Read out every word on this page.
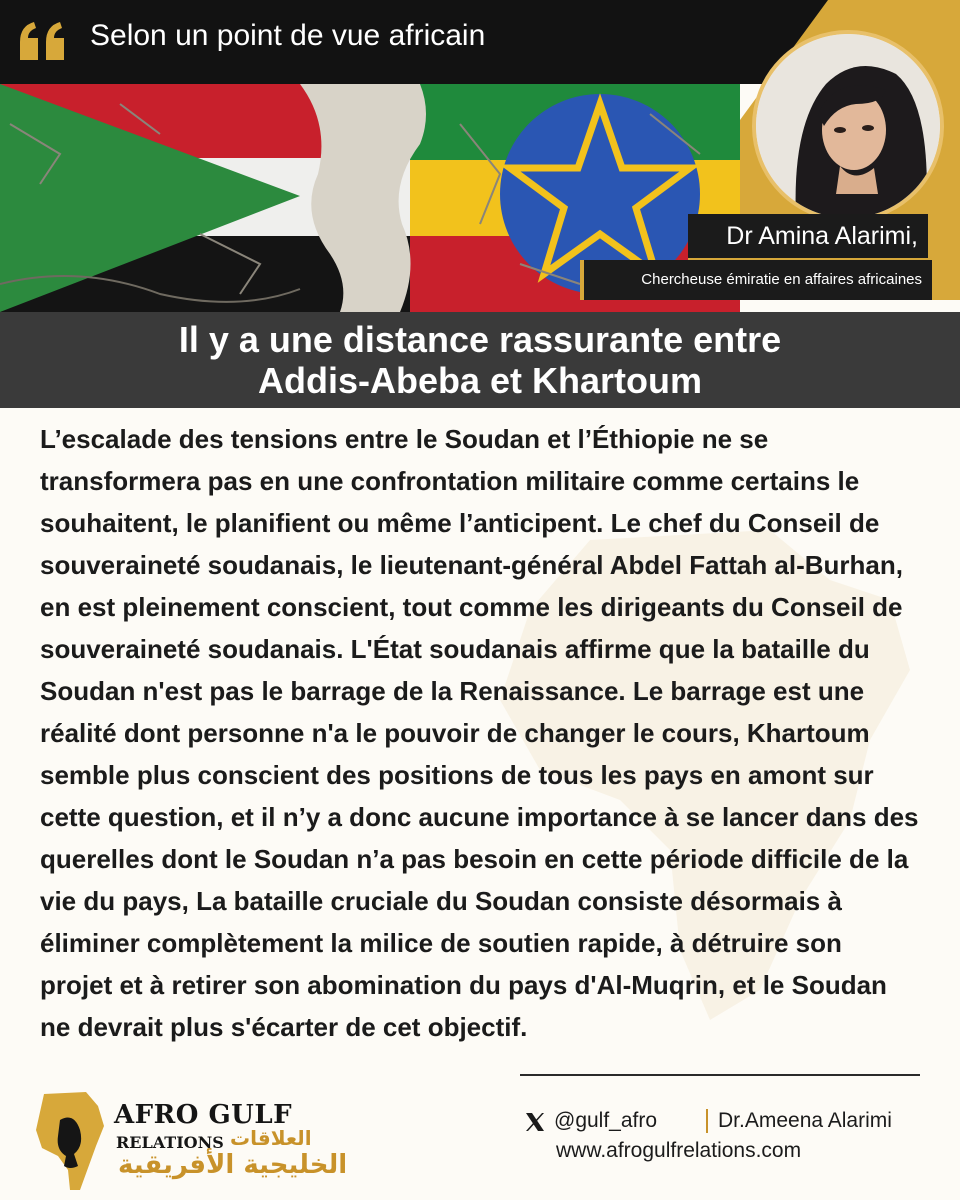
Selon un point de vue africain
Dr Amina Alarimi,
Chercheuse émiratie en affaires africaines
Il y a une distance rassurante entre
Addis-Abeba et Khartoum

L’escalade des tensions entre le Soudan et l’Éthiopie ne se transformera pas en une confrontation militaire comme certains le souhaitent, le planifient ou même l’anticipent. Le chef du Conseil de souveraineté soudanais, le lieutenant-général Abdel Fattah al-Burhan, en est pleinement conscient, tout comme les dirigeants du Conseil de souveraineté soudanais. L'État soudanais affirme que la bataille du Soudan n'est pas le barrage de la Renaissance. Le barrage est une réalité dont personne n'a le pouvoir de changer le cours, Khartoum semble plus conscient des positions de tous les pays en amont sur cette question, et il n’y a donc aucune importance à se lancer dans des querelles dont le Soudan n’a pas besoin en cette période difficile de la vie du pays, La bataille cruciale du Soudan consiste désormais à éliminer complètement la milice de soutien rapide, à détruire son projet et à retirer son abomination du pays d'Al-Muqrin, et le Soudan ne devrait plus s'écarter de cet objectif.

AFRO GULF
RELATIONS العلاقات
الخليجية الأفريقية
@gulf_afro	Dr.Ameena Alarimi
www.afrogulfrelations.com
